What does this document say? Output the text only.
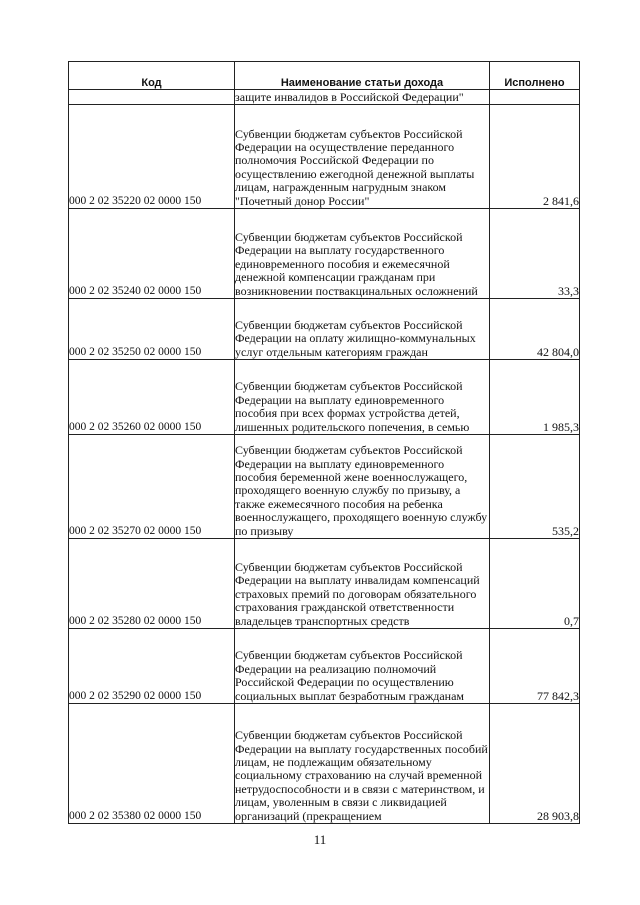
Код	Наименование статьи дохода	Исполнено
	защите инвалидов в Российской Федерации"	
000 2 02 35220 02 0000 150	Субвенции бюджетам субъектов Российской Федерации на осуществление переданного полномочия Российской Федерации по осуществлению ежегодной денежной выплаты лицам, награжденным нагрудным знаком "Почетный донор России"	2 841,6
000 2 02 35240 02 0000 150	Субвенции бюджетам субъектов Российской Федерации на выплату государственного единовременного пособия и ежемесячной денежной компенсации гражданам при возникновении поствакцинальных осложнений	33,3
000 2 02 35250 02 0000 150	Субвенции бюджетам субъектов Российской Федерации на оплату жилищно-коммунальных услуг отдельным категориям граждан	42 804,0
000 2 02 35260 02 0000 150	Субвенции бюджетам субъектов Российской Федерации на выплату единовременного пособия при всех формах устройства детей, лишенных родительского попечения, в семью	1 985,3
000 2 02 35270 02 0000 150	Субвенции бюджетам субъектов Российской Федерации на выплату единовременного пособия беременной жене военнослужащего, проходящего военную службу по призыву, а также ежемесячного пособия на ребенка военнослужащего, проходящего военную службу по призыву	535,2
000 2 02 35280 02 0000 150	Субвенции бюджетам субъектов Российской Федерации на выплату инвалидам компенсаций страховых премий по договорам обязательного страхования гражданской ответственности владельцев транспортных средств	0,7
000 2 02 35290 02 0000 150	Субвенции бюджетам субъектов Российской Федерации на реализацию полномочий Российской Федерации по осуществлению социальных выплат безработным гражданам	77 842,3
000 2 02 35380 02 0000 150	Субвенции бюджетам субъектов Российской Федерации на выплату государственных пособий лицам, не подлежащим обязательному социальному страхованию на случай временной нетрудоспособности и в связи с материнством, и лицам, уволенным в связи с ликвидацией организаций (прекращением	28 903,8
11
